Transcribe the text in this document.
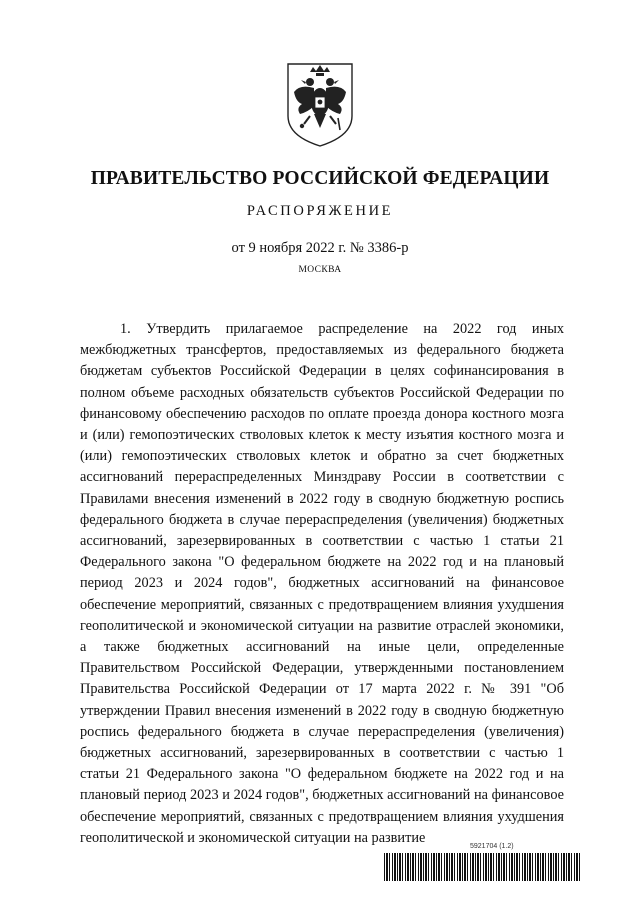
ПРАВИТЕЛЬСТВО РОССИЙСКОЙ ФЕДЕРАЦИИ
РАСПОРЯЖЕНИЕ
от 9 ноября 2022 г. № 3386-р
МОСКВА

1. Утвердить прилагаемое распределение на 2022 год иных межбюджетных трансфертов, предоставляемых из федерального бюджета бюджетам субъектов Российской Федерации в целях софинансирования в полном объеме расходных обязательств субъектов Российской Федерации по финансовому обеспечению расходов по оплате проезда донора костного мозга и (или) гемопоэтических стволовых клеток к месту изъятия костного мозга и (или) гемопоэтических стволовых клеток и обратно за счет бюджетных ассигнований перераспределенных Минздраву России в соответствии с Правилами внесения изменений в 2022 году в сводную бюджетную роспись федерального бюджета в случае перераспределения (увеличения) бюджетных ассигнований, зарезервированных в соответствии с частью 1 статьи 21 Федерального закона "О федеральном бюджете на 2022 год и на плановый период 2023 и 2024 годов", бюджетных ассигнований на финансовое обеспечение мероприятий, связанных с предотвращением влияния ухудшения геополитической и экономической ситуации на развитие отраслей экономики, а также бюджетных ассигнований на иные цели, определенные Правительством Российской Федерации, утвержденными постановлением Правительства Российской Федерации от 17 марта 2022 г. № 391 "Об утверждении Правил внесения изменений в 2022 году в сводную бюджетную роспись федерального бюджета в случае перераспределения (увеличения) бюджетных ассигнований, зарезервированных в соответствии с частью 1 статьи 21 Федерального закона "О федеральном бюджете на 2022 год и на плановый период 2023 и 2024 годов", бюджетных ассигнований на финансовое обеспечение мероприятий, связанных с предотвращением влияния ухудшения геополитической и экономической ситуации на развитие

5921704 (1.2)
